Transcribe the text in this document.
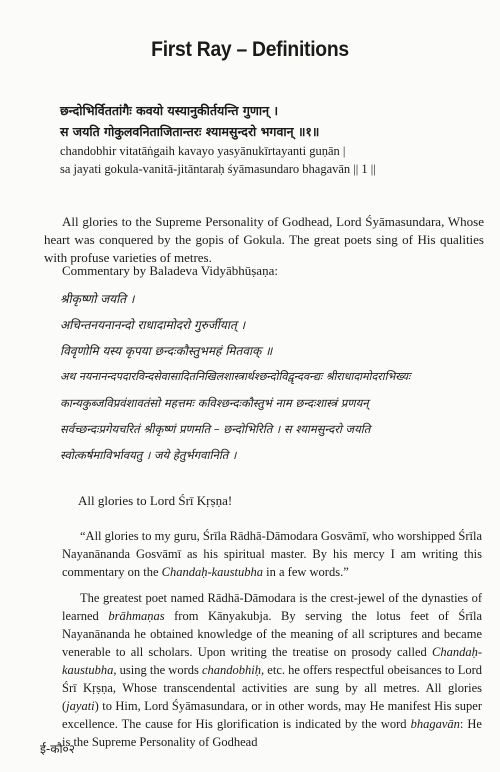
First Ray – Definitions
छन्दोभिर्विततांगैः कवयो यस्यानुकीर्तयन्ति गुणान् ।
स जयति गोकुलवनिताजितान्तरः श्यामसुन्दरो भगवान् ॥१॥
chandobhir vitatāṅgaih kavayo yasyānukīrtayanti guṇān |
sa jayati gokula-vanitā-jitāntaraḥ śyāmasundaro bhagavān || 1 ||

All glories to the Supreme Personality of Godhead, Lord Śyāmasundara, Whose heart was conquered by the gopis of Gokula. The great poets sing of His qualities with profuse varieties of metres.

Commentary by Baladeva Vidyābhūṣaṇa:
श्रीकृष्णो जयति ।
अचिन्तनयनानन्दो राधादामोदरो गुरुर्जीयात् ।
विवृणोमि यस्य कृपया छन्दःकौस्तुभमहं मितवाक् ॥
अथ नयनानन्दपदारविन्दसेवासादितनिखिलशास्त्रार्थश्छन्दोविद्वृन्दवन्द्यः श्रीराधादामोदराभिख्यः
कान्यकुब्जविप्रवंशावतंसो महत्तमः कविश्छन्दःकौस्तुभं नाम छन्दःशास्त्रं प्रणयन्
सर्वच्छन्दःप्रगेयचरितं श्रीकृष्णं प्रणमति – छन्दोभिरिति । स श्यामसुन्दरो जयति
स्वोत्कर्षमाविर्भावयतु । जये हेतुर्भगवानिति ।
All glories to Lord Śrī Kṛṣṇa!

“All glories to my guru, Śrīla Rādhā-Dāmodara Gosvāmī, who worshipped Śrīla Nayanānanda Gosvāmī as his spiritual master. By his mercy I am writing this commentary on the Chandaḥ-kaustubha in a few words.”

The greatest poet named Rādhā-Dāmodara is the crest-jewel of the dynasties of learned brāhmaṇas from Kānyakubja. By serving the lotus feet of Śrīla Nayanānanda he obtained knowledge of the meaning of all scriptures and became venerable to all scholars. Upon writing the treatise on prosody called Chandaḥ-kaustubha, using the words chandobhiḥ, etc. he offers respectful obeisances to Lord Śrī Kṛṣṇa, Whose transcendental activities are sung by all metres. All glories (jayati) to Him, Lord Śyāmasundara, or in other words, may He manifest His super excellence. The cause for His glorification is indicated by the word bhagavān: He is the Supreme Personality of Godhead

ई-कौ०२
